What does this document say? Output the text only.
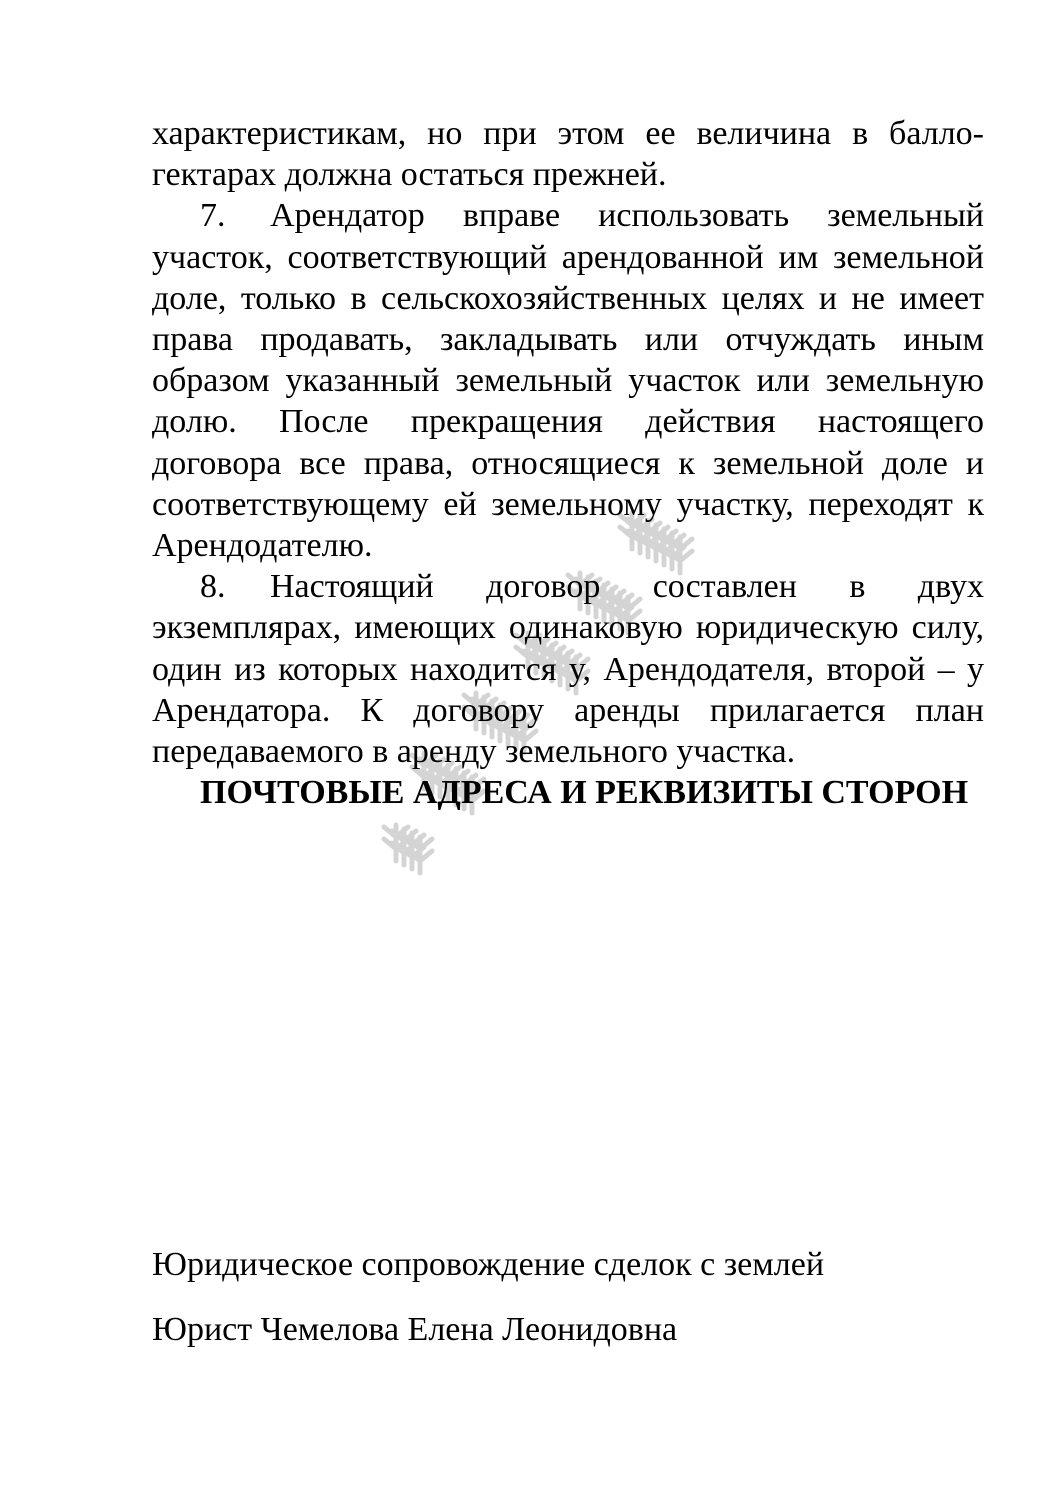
характеристикам, но при этом ее величина в балло-гектарах должна остаться прежней.

7. Арендатор вправе использовать земельный участок, соответствующий арендованной им земельной доле, только в сельскохозяйственных целях и не имеет права продавать, закладывать или отчуждать иным образом указанный земельный участок или земельную долю. После прекращения действия настоящего договора все права, относящиеся к земельной доле и соответствующему ей земельному участку, переходят к Арендодателю.

8. Настоящий договор составлен в двух экземплярах, имеющих одинаковую юридическую силу, один из которых находится у, Арендодателя, второй – у Арендатора. К договору аренды прилагается план передаваемого в аренду земельного участка.

ПОЧТОВЫЕ АДРЕСА И РЕКВИЗИТЫ СТОРОН

Юридическое сопровождение сделок с землей
Юрист Чемелова Елена Леонидовна
